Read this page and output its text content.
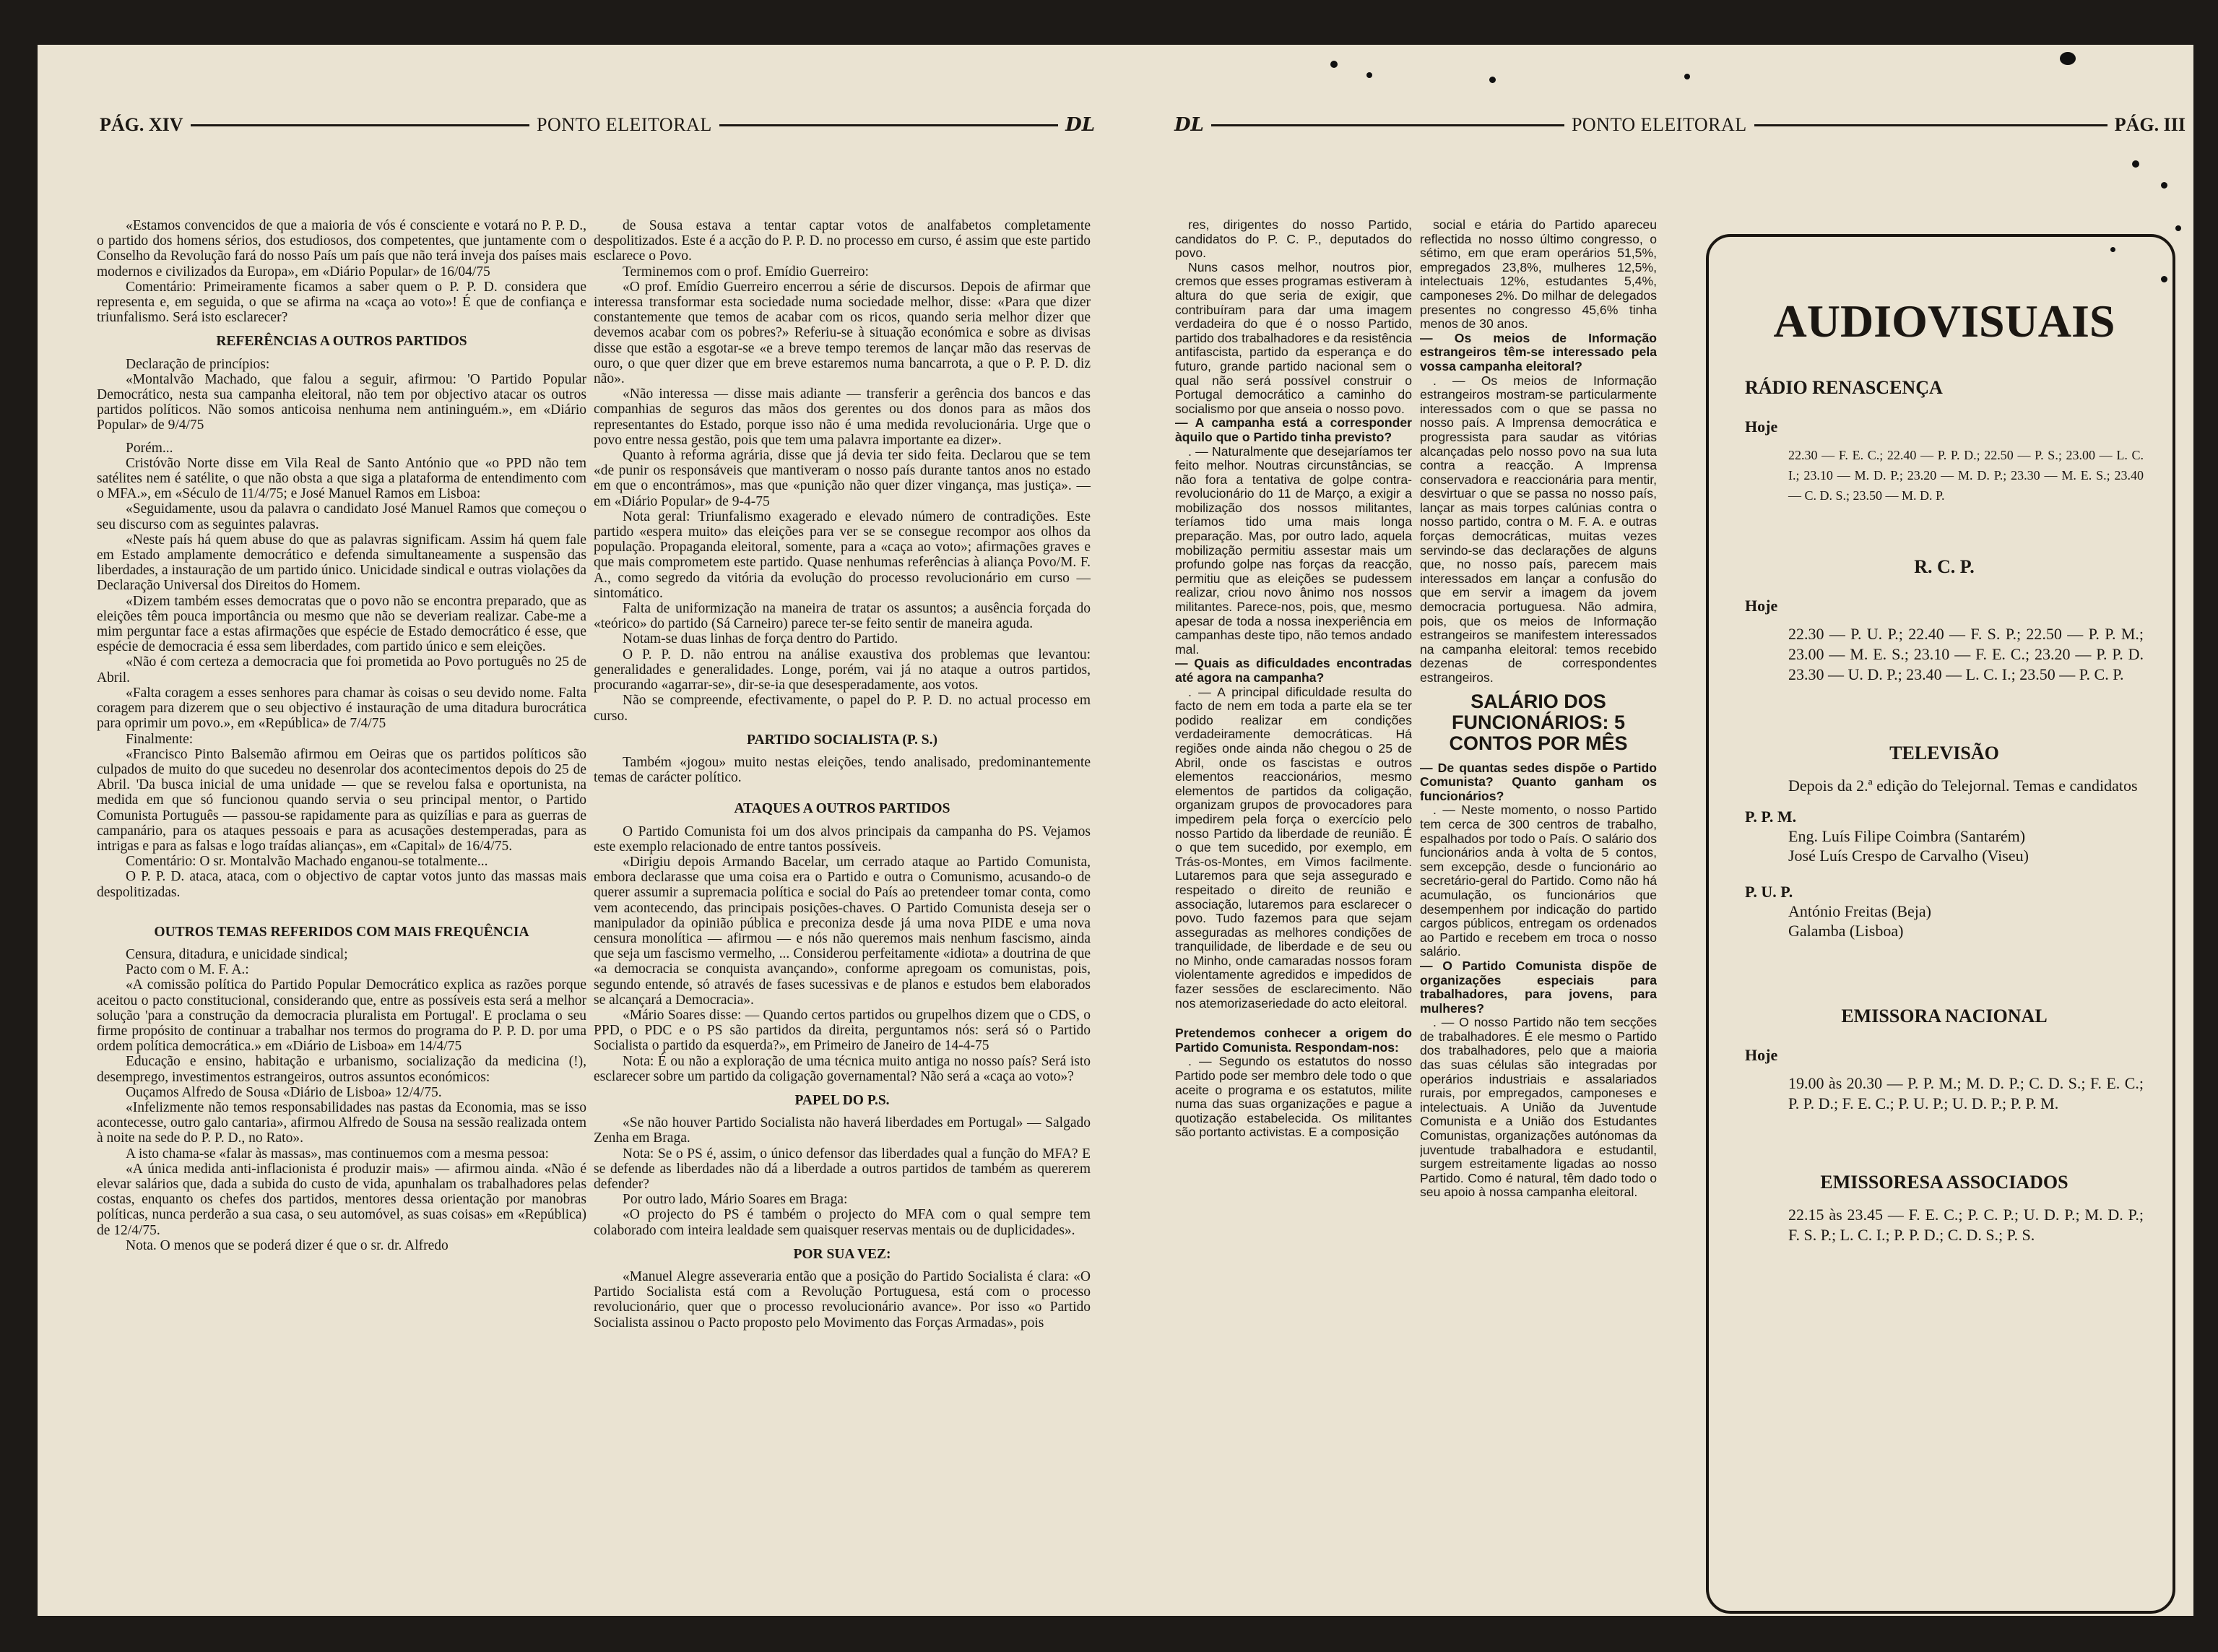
PÁG. XIV	PONTO ELEITORAL	DL	DL	PONTO ELEITORAL	PÁG. III

«Estamos convencidos de que a maioria de vós é consciente e votará no P. P. D., o partido dos homens sérios, dos estudiosos, dos competentes, que juntamente com o Conselho da Revolução fará do nosso País um país que não terá inveja dos países mais modernos e civilizados da Europa», em «Diário Popular» de 16/04/75

Comentário: Primeiramente ficamos a saber quem o P. P. D. considera que representa e, em seguida, o que se afirma na «caça ao voto»! É que de confiança e triunfalismo. Será isto esclarecer?

REFERÊNCIAS A OUTROS PARTIDOS

Declaração de princípios:

«Montalvão Machado, que falou a seguir, afirmou: 'O Partido Popular Democrático, nesta sua campanha eleitoral, não tem por objectivo atacar os outros partidos políticos. Não somos anticoisa nenhuma nem antininguém.», em «Diário Popular» de 9/4/75

Porém...

Cristóvão Norte disse em Vila Real de Santo António que «o PPD não tem satélites nem é satélite, o que não obsta a que siga a plataforma de entendimento com o MFA.», em «Século de 11/4/75; e José Manuel Ramos em Lisboa:

«Seguidamente, usou da palavra o candidato José Manuel Ramos que começou o seu discurso com as seguintes palavras.

«Neste país há quem abuse do que as palavras significam. Assim há quem fale em Estado amplamente democrático e defenda simultaneamente a suspensão das liberdades, a instauração de um partido único. Unicidade sindical e outras violações da Declaração Universal dos Direitos do Homem.

«Dizem também esses democratas que o povo não se encontra preparado, que as eleições têm pouca importância ou mesmo que não se deveriam realizar. Cabe-me a mim perguntar face a estas afirmações que espécie de Estado democrático é esse, que espécie de democracia é essa sem liberdades, com partido único e sem eleições.

«Não é com certeza a democracia que foi prometida ao Povo português no 25 de Abril.

«Falta coragem a esses senhores para chamar às coisas o seu devido nome. Falta coragem para dizerem que o seu objectivo é instauração de uma ditadura burocrática para oprimir um povo.», em «República» de 7/4/75

Finalmente:

«Francisco Pinto Balsemão afirmou em Oeiras que os partidos políticos são culpados de muito do que sucedeu no desenrolar dos acontecimentos depois do 25 de Abril. 'Da busca inicial de uma unidade — que se revelou falsa e oportunista, na medida em que só funcionou quando servia o seu principal mentor, o Partido Comunista Português — passou-se rapidamente para as quizílias e para as guerras de campanário, para os ataques pessoais e para as acusações destemperadas, para as intrigas e para as falsas e logo traídas alianças», em «Capital» de 16/4/75.

Comentário: O sr. Montalvão Machado enganou-se totalmente...

O P. P. D. ataca, ataca, com o objectivo de captar votos junto das massas mais despolitizadas.

OUTROS TEMAS REFERIDOS COM MAIS FREQUÊNCIA

Censura, ditadura, e unicidade sindical;

Pacto com o M. F. A.:

«A comissão política do Partido Popular Democrático explica as razões porque aceitou o pacto constitucional, considerando que, entre as possíveis esta será a melhor solução 'para a construção da democracia pluralista em Portugal'. E proclama o seu firme propósito de continuar a trabalhar nos termos do programa do P. P. D. por uma ordem política democrática.» em «Diário de Lisboa» em 14/4/75

Educação e ensino, habitação e urbanismo, socialização da medicina (!), desemprego, investimentos estrangeiros, outros assuntos económicos:

Ouçamos Alfredo de Sousa «Diário de Lisboa» 12/4/75.

«Infelizmente não temos responsabilidades nas pastas da Economia, mas se isso acontecesse, outro galo cantaria», afirmou Alfredo de Sousa na sessão realizada ontem à noite na sede do P. P. D., no Rato».

A isto chama-se «falar às massas», mas continuemos com a mesma pessoa:

«A única medida anti-inflacionista é produzir mais» — afirmou ainda. «Não é elevar salários que, dada a subida do custo de vida, apunhalam os trabalhadores pelas costas, enquanto os chefes dos partidos, mentores dessa orientação por manobras políticas, nunca perderão a sua casa, o seu automóvel, as suas coisas» em «República) de 12/4/75.

Nota. O menos que se poderá dizer é que o sr. dr. Alfredo

de Sousa estava a tentar captar votos de analfabetos completamente despolitizados. Este é a acção do P. P. D. no processo em curso, é assim que este partido esclarece o Povo.

Terminemos com o prof. Emídio Guerreiro:

«O prof. Emídio Guerreiro encerrou a série de discursos. Depois de afirmar que interessa transformar esta sociedade numa sociedade melhor, disse: «Para que dizer constantemente que temos de acabar com os ricos, quando seria melhor dizer que devemos acabar com os pobres?» Referiu-se à situação económica e sobre as divisas disse que estão a esgotar-se «e a breve tempo teremos de lançar mão das reservas de ouro, o que quer dizer que em breve estaremos numa bancarrota, a que o P. P. D. diz não».

«Não interessa — disse mais adiante — transferir a gerência dos bancos e das companhias de seguros das mãos dos gerentes ou dos donos para as mãos dos representantes do Estado, porque isso não é uma medida revolucionária. Urge que o povo entre nessa gestão, pois que tem uma palavra importante ea dizer».

Quanto à reforma agrária, disse que já devia ter sido feita. Declarou que se tem «de punir os responsáveis que mantiveram o nosso país durante tantos anos no estado em que o encontrámos», mas que «punição não quer dizer vingança, mas justiça». — em «Diário Popular» de 9-4-75

Nota geral: Triunfalismo exagerado e elevado número de contradições. Este partido «espera muito» das eleições para ver se se consegue recompor aos olhos da população. Propaganda eleitoral, somente, para a «caça ao voto»; afirmações graves e que mais comprometem este partido. Quase nenhumas referências à aliança Povo/M. F. A., como segredo da vitória da evolução do processo revolucionário em curso — sintomático.

Falta de uniformização na maneira de tratar os assuntos; a ausência forçada do «teórico» do partido (Sá Carneiro) parece ter-se feito sentir de maneira aguda.

Notam-se duas linhas de força dentro do Partido.

O P. P. D. não entrou na análise exaustiva dos problemas que levantou: generalidades e generalidades. Longe, porém, vai já no ataque a outros partidos, procurando «agarrar-se», dir-se-ia que desesperadamente, aos votos.

Não se compreende, efectivamente, o papel do P. P. D. no actual processo em curso.

PARTIDO SOCIALISTA (P. S.)

Também «jogou» muito nestas eleições, tendo analisado, predominantemente temas de carácter político.

ATAQUES A OUTROS PARTIDOS

O Partido Comunista foi um dos alvos principais da campanha do PS. Vejamos este exemplo relacionado de entre tantos possíveis.

«Dirigiu depois Armando Bacelar, um cerrado ataque ao Partido Comunista, embora declarasse que uma coisa era o Partido e outra o Comunismo, acusando-o de querer assumir a supremacia política e social do País ao pretendeer tomar conta, como vem acontecendo, das principais posições-chaves. O Partido Comunista deseja ser o manipulador da opinião pública e preconiza desde já uma nova PIDE e uma nova censura monolítica — afirmou — e nós não queremos mais nenhum fascismo, ainda que seja um fascismo vermelho, ... Considerou perfeitamente «idiota» a doutrina de que «a democracia se conquista avançando», conforme apregoam os comunistas, pois, segundo entende, só através de fases sucessivas e de planos e estudos bem elaborados se alcançará a Democracia».

«Mário Soares disse: — Quando certos partidos ou grupelhos dizem que o CDS, o PPD, o PDC e o PS são partidos da direita, perguntamos nós: será só o Partido Socialista o partido da esquerda?», em Primeiro de Janeiro de 14-4-75

Nota: É ou não a exploração de uma técnica muito antiga no nosso país? Será isto esclarecer sobre um partido da coligação governamental? Não será a «caça ao voto»?

PAPEL DO P.S.

«Se não houver Partido Socialista não haverá liberdades em Portugal» — Salgado Zenha em Braga.

Nota: Se o PS é, assim, o único defensor das liberdades qual a função do MFA? E se defende as liberdades não dá a liberdade a outros partidos de também as quererem defender?

Por outro lado, Mário Soares em Braga:

«O projecto do PS é também o projecto do MFA com o qual sempre tem colaborado com inteira lealdade sem quaisquer reservas mentais ou de duplicidades».

POR SUA VEZ:

«Manuel Alegre asseveraria então que a posição do Partido Socialista é clara: «O Partido Socialista está com a Revolução Portuguesa, está com o processo revolucionário, quer que o processo revolucionário avance». Por isso «o Partido Socialista assinou o Pacto proposto pelo Movimento das Forças Armadas», pois

res, dirigentes do nosso Partido, candidatos do P. C. P., deputados do povo.

Nuns casos melhor, noutros pior, cremos que esses programas estiveram à altura do que seria de exigir, que contribuíram para dar uma imagem verdadeira do que é o nosso Partido, partido dos trabalhadores e da resistência antifascista, partido da esperança e do futuro, grande partido nacional sem o qual não será possível construir o Portugal democrático a caminho do socialismo por que anseia o nosso povo.

— A campanha está a corresponder àquilo que o Partido tinha previsto?

. — Naturalmente que desejaríamos ter feito melhor. Noutras circunstâncias, se não fora a tentativa de golpe contra-revolucionário do 11 de Março, a exigir a mobilização dos nossos militantes, teríamos tido uma mais longa preparação. Mas, por outro lado, aquela mobilização permitiu assestar mais um profundo golpe nas forças da reacção, permitiu que as eleições se pudessem realizar, criou novo ânimo nos nossos militantes. Parece-nos, pois, que, mesmo apesar de toda a nossa inexperiência em campanhas deste tipo, não temos andado mal.

— Quais as dificuldades encontradas até agora na campanha?

. — A principal dificuldade resulta do facto de nem em toda a parte ela se ter podido realizar em condições verdadeiramente democráticas. Há regiões onde ainda não chegou o 25 de Abril, onde os fascistas e outros elementos reaccionários, mesmo elementos de partidos da coligação, organizam grupos de provocadores para impedirem pela força o exercício pelo nosso Partido da liberdade de reunião. É o que tem sucedido, por exemplo, em Trás-os-Montes, em Vimos facilmente. Lutaremos para que seja assegurado e respeitado o direito de reunião e associação, lutaremos para esclarecer o povo. Tudo fazemos para que sejam asseguradas as melhores condições de tranquilidade, de liberdade e de seu ou no Minho, onde camaradas nossos foram violentamente agredidos e impedidos de fazer sessões de esclarecimento. Não nos atemorizaseriedade do acto eleitoral.

Pretendemos conhecer a origem do Partido Comunista. Respondam-nos:

. — Segundo os estatutos do nosso Partido pode ser membro dele todo o que aceite o programa e os estatutos, milite numa das suas organizações e pague a quotização estabelecida. Os militantes são portanto activistas. E a composição

social e etária do Partido apareceu reflectida no nosso último congresso, o sétimo, em que eram operários 51,5%, empregados 23,8%, mulheres 12,5%, intelectuais 12%, estudantes 5,4%, camponeses 2%. Do milhar de delegados presentes no congresso 45,6% tinha menos de 30 anos.

— Os meios de Informação estrangeiros têm-se interessado pela vossa campanha eleitoral?

. — Os meios de Informação estrangeiros mostram-se particularmente interessados com o que se passa no nosso país. A Imprensa democrática e progressista para saudar as vitórias alcançadas pelo nosso povo na sua luta contra a reacção. A Imprensa conservadora e reaccionária para mentir, desvirtuar o que se passa no nosso país, lançar as mais torpes calúnias contra o nosso partido, contra o M. F. A. e outras forças democráticas, muitas vezes servindo-se das declarações de alguns que, no nosso país, parecem mais interessados em lançar a confusão do que em servir a imagem da jovem democracia portuguesa. Não admira, pois, que os meios de Informação estrangeiros se manifestem interessados na campanha eleitoral: temos recebido dezenas de correspondentes estrangeiros.

SALÁRIO DOS FUNCIONÁRIOS: 5 CONTOS POR MÊS

— De quantas sedes dispõe o Partido Comunista? Quanto ganham os funcionários?

. — Neste momento, o nosso Partido tem cerca de 300 centros de trabalho, espalhados por todo o País. O salário dos funcionários anda à volta de 5 contos, sem excepção, desde o funcionário ao secretário-geral do Partido. Como não há acumulação, os funcionários que desempenhem por indicação do partido cargos públicos, entregam os ordenados ao Partido e recebem em troca o nosso salário.

— O Partido Comunista dispõe de organizações especiais para trabalhadores, para jovens, para mulheres?

. — O nosso Partido não tem secções de trabalhadores. É ele mesmo o Partido dos trabalhadores, pelo que a maioria das suas células são integradas por operários industriais e assalariados rurais, por empregados, camponeses e intelectuais. A União da Juventude Comunista e a União dos Estudantes Comunistas, organizações autónomas da juventude trabalhadora e estudantil, surgem estreitamente ligadas ao nosso Partido. Como é natural, têm dado todo o seu apoio à nossa campanha eleitoral.

AUDIOVISUAIS
RÁDIO RENASCENÇA
Hoje
22.30 — F. E. C.; 22.40 — P. P. D.; 22.50 — P. S.; 23.00 — L. C. I.; 23.10 — M. D. P.; 23.20 — M. D. P.; 23.30 — M. E. S.; 23.40 — C. D. S.; 23.50 — M. D. P.
R. C. P.
Hoje
22.30 — P. U. P.; 22.40 — F. S. P.; 22.50 — P. P. M.; 23.00 — M. E. S.; 23.10 — F. E. C.; 23.20 — P. P. D. 23.30 — U. D. P.; 23.40 — L. C. I.; 23.50 — P. C. P.
TELEVISÃO
Depois da 2.ª edição do Telejornal. Temas e candidatos
P. P. M.
Eng. Luís Filipe Coimbra (Santarém)
José Luís Crespo de Carvalho (Viseu)
P. U. P.
António Freitas (Beja)
Galamba (Lisboa)
EMISSORA NACIONAL
Hoje
19.00 às 20.30 — P. P. M.; M. D. P.; C. D. S.; F. E. C.; P. P. D.; F. E. C.; P. U. P.; U. D. P.; P. P. M.
EMISSORESA ASSOCIADOS
22.15 às 23.45 — F. E. C.; P. C. P.; U. D. P.; M. D. P.; F. S. P.; L. C. I.; P. P. D.; C. D. S.; P. S.
